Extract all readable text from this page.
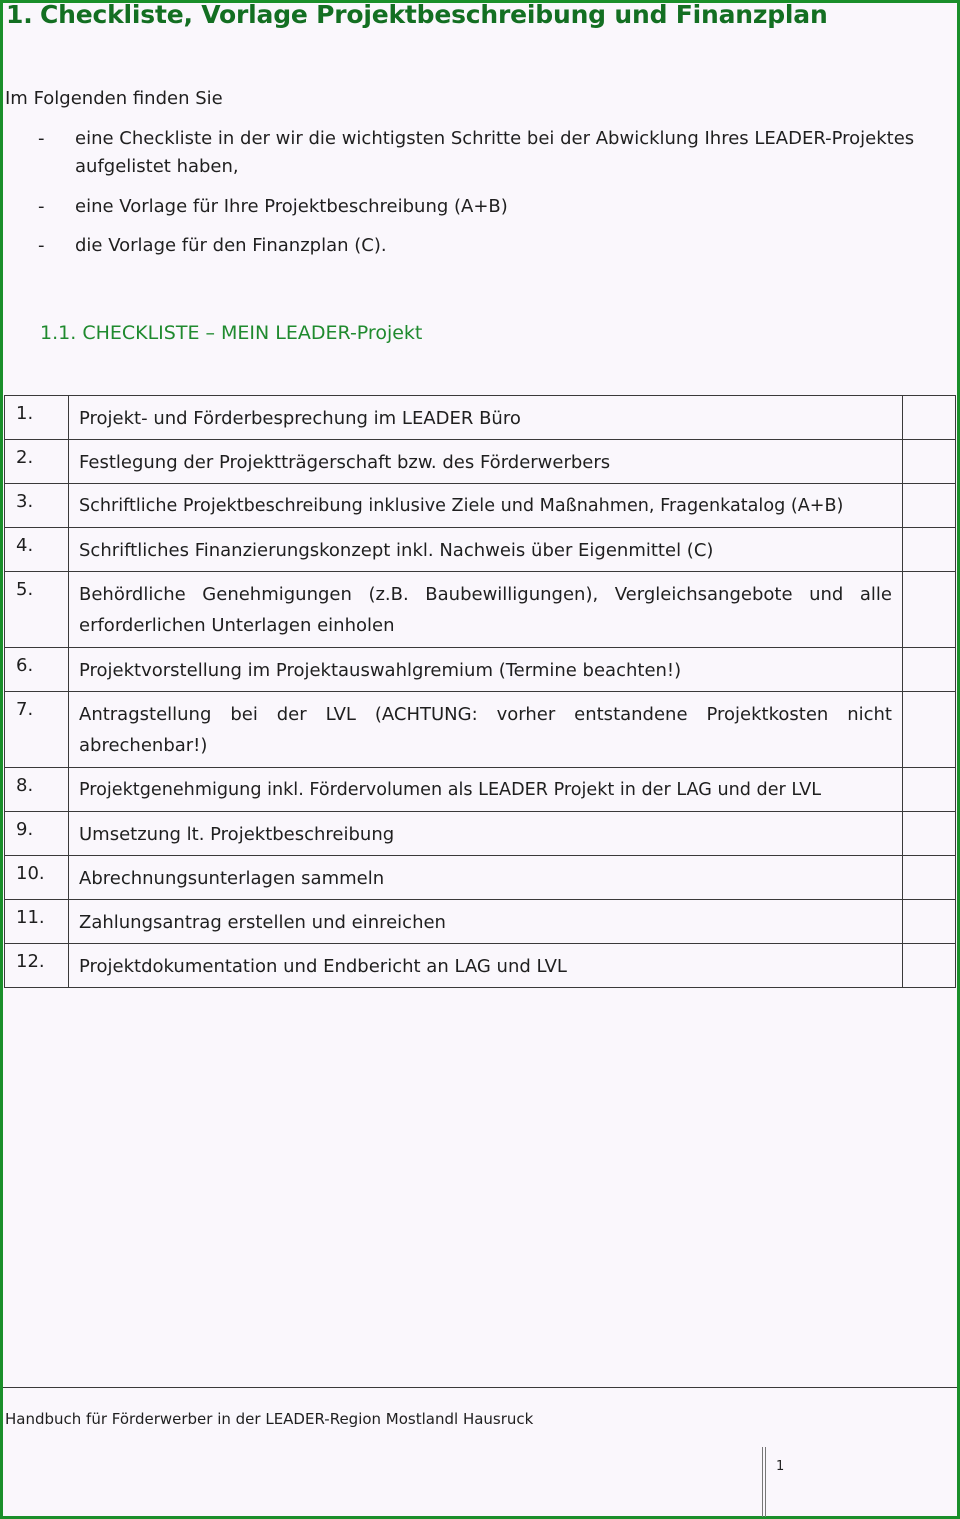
1. Checkliste, Vorlage Projektbeschreibung und Finanzplan
Im Folgenden finden Sie
- eine Checkliste in der wir die wichtigsten Schritte bei der Abwicklung Ihres LEADER-Projektes
aufgelistet haben,
- eine Vorlage für Ihre Projektbeschreibung (A+B)
- die Vorlage für den Finanzplan (C).
1.1. CHECKLISTE – MEIN LEADER-Projekt
1.	Projekt- und Förderbesprechung im LEADER Büro	
2.	Festlegung der Projektträgerschaft bzw. des Förderwerbers	
3.	Schriftliche Projektbeschreibung inklusive Ziele und Maßnahmen, Fragenkatalog (A+B)	
4.	Schriftliches Finanzierungskonzept inkl. Nachweis über Eigenmittel (C)	
5.	Behördliche Genehmigungen (z.B. Baubewilligungen), Vergleichsangebote und alle erforderlichen Unterlagen einholen	
6.	Projektvorstellung im Projektauswahlgremium (Termine beachten!)	
7.	Antragstellung bei der LVL (ACHTUNG: vorher entstandene Projektkosten nicht abrechenbar!)	
8.	Projektgenehmigung inkl. Fördervolumen als LEADER Projekt in der LAG und der LVL	
9.	Umsetzung lt. Projektbeschreibung	
10.	Abrechnungsunterlagen sammeln	
11.	Zahlungsantrag erstellen und einreichen	
12.	Projektdokumentation und Endbericht an LAG und LVL	
Handbuch für Förderwerber in der LEADER-Region Mostlandl Hausruck
1
